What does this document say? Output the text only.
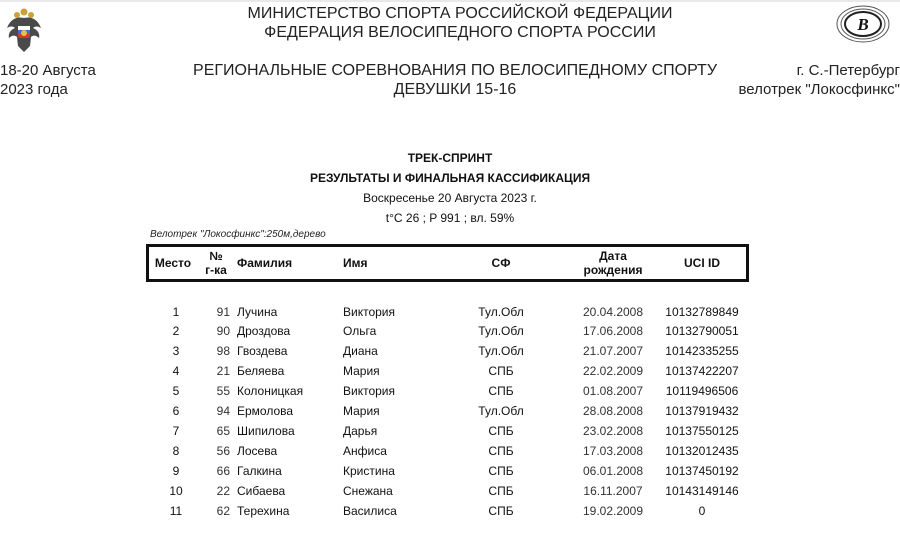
МИНИСТЕРСТВО СПОРТА РОССИЙСКОЙ ФЕДЕРАЦИИ
ФЕДЕРАЦИЯ ВЕЛОСИПЕДНОГО СПОРТА РОССИИ	B
18-20 Августа
2023 года
РЕГИОНАЛЬНЫЕ СОРЕВНОВАНИЯ ПО ВЕЛОСИПЕДНОМУ СПОРТУ
ДЕВУШКИ 15-16
г. С.-Петербург
велотрек "Локосфинкс"
ТРЕК-СПРИНТ
РЕЗУЛЬТАТЫ И ФИНАЛЬНАЯ КАССИФИКАЦИЯ
Воскресенье 20 Августа 2023 г.
t°C 26 ; P 991 ; вл. 59%
Велотрек "Локосфинкс":250м,дерево
Место	№
г-ка Фамилия	Имя	СФ	Дата
рождения	UCI ID
1	91 Лучина	Виктория	Тул.Обл	20.04.2008	10132789849
2	90 Дроздова	Ольга	Тул.Обл	17.06.2008	10132790051
3	98 Гвоздева	Диана	Тул.Обл	21.07.2007	10142335255
4	21 Беляева	Мария	СПБ	22.02.2009	10137422207
5	55 Колоницкая	Виктория	СПБ	01.08.2007	10119496506
6	94 Ермолова	Мария	Тул.Обл	28.08.2008	10137919432
7	65 Шипилова	Дарья	СПБ	23.02.2008	10137550125
8	56 Лосева	Анфиса	СПБ	17.03.2008	10132012435
9	66 Галкина	Кристина	СПБ	06.01.2008	10137450192
10	22 Сибаева	Снежана	СПБ	16.11.2007	10143149146
11	62 Терехина	Василиса	СПБ	19.02.2009	0
